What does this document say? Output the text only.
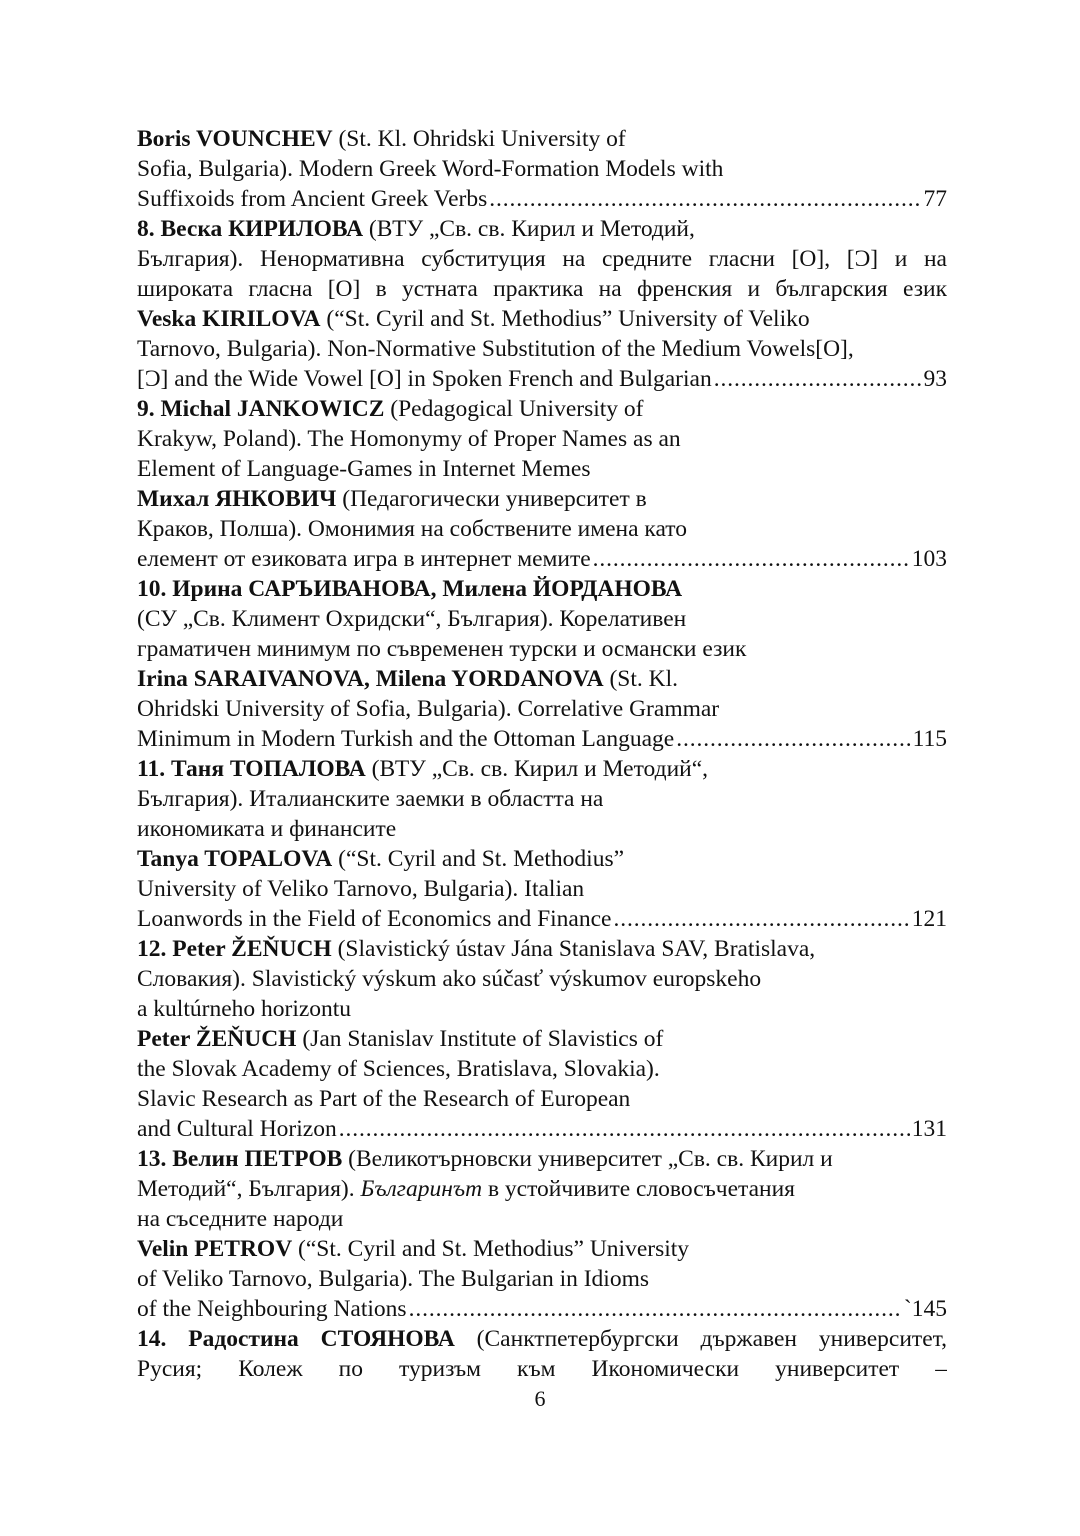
Boris VOUNCHEV (St. Kl. Ohridski University of
Sofia, Bulgaria). Modern Greek Word-Formation Models with
Suffixoids from Ancient Greek Verbs . . .	77
8. Веска КИРИЛОВА (ВТУ „Св. св. Кирил и Методий,
България). Ненормативна субституция на средните гласни [O], [Ɔ] и на
широката гласна [O] в устната практика на френския и българския език
Veska KIRILOVA (“St. Cyril and St. Methodius” University of Veliko
Tarnovo, Bulgaria). Non-Normative Substitution of the Medium Vowels[O],
[Ɔ] and the Wide Vowel [O] in Spoken French and Bulgarian . . .	93
9. Michal JANKOWICZ (Pedagogical University of
Krakyw, Poland). The Homonymy of Proper Names as an
Element of Language-Games in Internet Memes
Михал ЯНКОВИЧ (Педагогически университет в
Краков, Полша). Омонимия на собствените имена като
елемент от езиковата игра в интернет мемите . . .	103
10. Ирина САРЪИВАНОВА, Милена ЙОРДАНОВА
(СУ „Св. Климент Охридски“, България). Корелативен
граматичен минимум по съвременен турски и османски език
Irina SARAIVANOVA, Milena YORDANOVA (St. Kl.
Ohridski University of Sofia, Bulgaria). Correlative Grammar
Minimum in Modern Turkish and the Ottoman Language . . .	115
11. Таня ТОПАЛОВА (ВТУ „Св. св. Кирил и Методий“,
България). Италианските заемки в областта на
икономиката и финансите
Tanya TOPALOVA (“St. Cyril and St. Methodius”
University of Veliko Tarnovo, Bulgaria). Italian
Loanwords in the Field of Economics and Finance . . .	121
12. Peter ŽEŇUCH (Slavistický ústav Jána Stanislava SAV, Bratislava,
Словакия). Slavistický výskum ako súčasť výskumov europskeho
a kultúrneho horizontu
Peter ŽEŇUCH (Jan Stanislav Institute of Slavistics of
the Slovak Academy of Sciences, Bratislava, Slovakia).
Slavic Research as Part of the Research of European
and Cultural Horizon . . .	131
13. Велин ПЕТРОВ (Великотърновски университет „Св. св. Кирил и
Методий“, България). Българинът в устойчивите словосъчетания
на съседните народи
Velin PETROV (“St. Cyril and St. Methodius” University
of Veliko Tarnovo, Bulgaria). The Bulgarian in Idioms
of the Neighbouring Nations . . .	`145
14. Радостина СТОЯНОВА (Санктпетербургски държавен университет,
Русия; Колеж по туризъм към Икономически университет –
6
